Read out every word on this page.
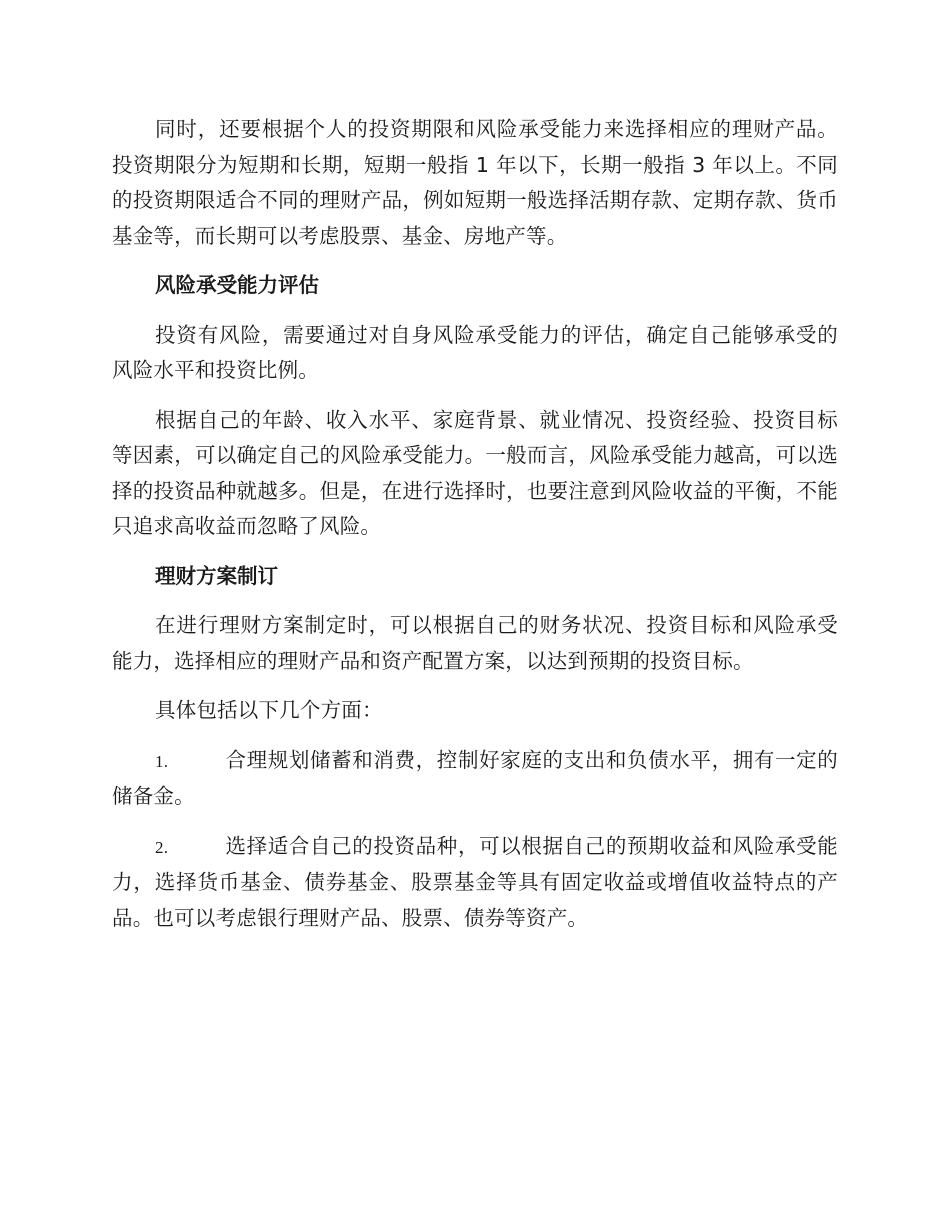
同时，还要根据个人的投资期限和风险承受能力来选择相应的理财产品。投资期限分为短期和长期，短期一般指 1 年以下，长期一般指 3 年以上。不同的投资期限适合不同的理财产品，例如短期一般选择活期存款、定期存款、货币基金等，而长期可以考虑股票、基金、房地产等。

风险承受能力评估

投资有风险，需要通过对自身风险承受能力的评估，确定自己能够承受的风险水平和投资比例。

根据自己的年龄、收入水平、家庭背景、就业情况、投资经验、投资目标等因素，可以确定自己的风险承受能力。一般而言，风险承受能力越高，可以选择的投资品种就越多。但是，在进行选择时，也要注意到风险收益的平衡，不能只追求高收益而忽略了风险。

理财方案制订

在进行理财方案制定时，可以根据自己的财务状况、投资目标和风险承受能力，选择相应的理财产品和资产配置方案，以达到预期的投资目标。

具体包括以下几个方面：

1.	合理规划储蓄和消费，控制好家庭的支出和负债水平，拥有一定的储备金。

2.	选择适合自己的投资品种，可以根据自己的预期收益和风险承受能力，选择货币基金、债券基金、股票基金等具有固定收益或增值收益特点的产品。也可以考虑银行理财产品、股票、债券等资产。
